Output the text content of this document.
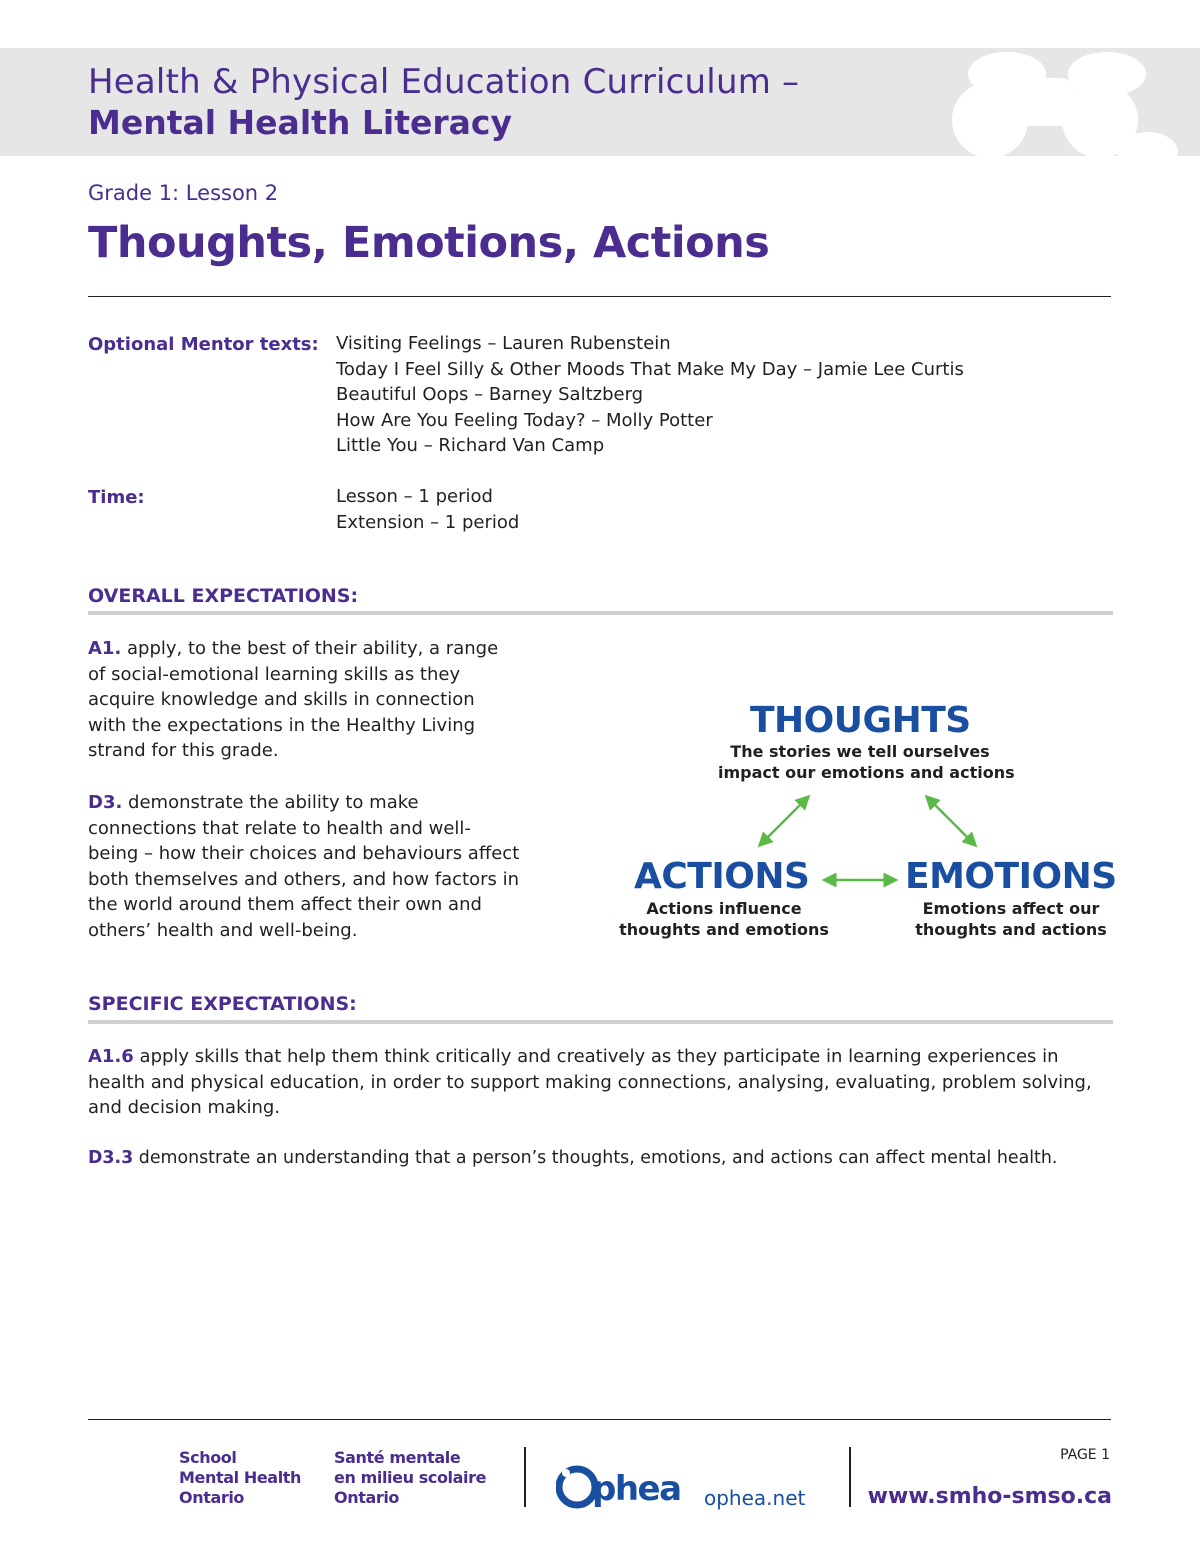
Health & Physical Education Curriculum –
Mental Health Literacy
Grade 1: Lesson 2
Thoughts, Emotions, Actions
Optional Mentor texts: Visiting Feelings – Lauren Rubenstein
Today I Feel Silly & Other Moods That Make My Day – Jamie Lee Curtis
Beautiful Oops – Barney Saltzberg
How Are You Feeling Today? – Molly Potter
Little You – Richard Van Camp
Time:	Lesson – 1 period
Extension – 1 period
OVERALL EXPECTATIONS:

A1. apply, to the best of their ability, a range of social-emotional learning skills as they acquire knowledge and skills in connection with the expectations in the Healthy Living strand for this grade.

D3. demonstrate the ability to make connections that relate to health and well-being – how their choices and behaviours affect both themselves and others, and how factors in the world around them affect their own and others’ health and well-being.

THOUGHTS
The stories we tell ourselves
impact our emotions and actions
ACTIONS
Actions influence
thoughts and emotions
EMOTIONS
Emotions affect our
thoughts and actions
SPECIFIC EXPECTATIONS:

A1.6 apply skills that help them think critically and creatively as they participate in learning experiences in health and physical education, in order to support making connections, analysing, evaluating, problem solving, and decision making.

D3.3 demonstrate an understanding that a person’s thoughts, emotions, and actions can affect mental health.

School
Mental Health
Ontario
Santé mentale
en milieu scolaire
Ontario	phea ophea.net
PAGE 1
www.smho-smso.ca
